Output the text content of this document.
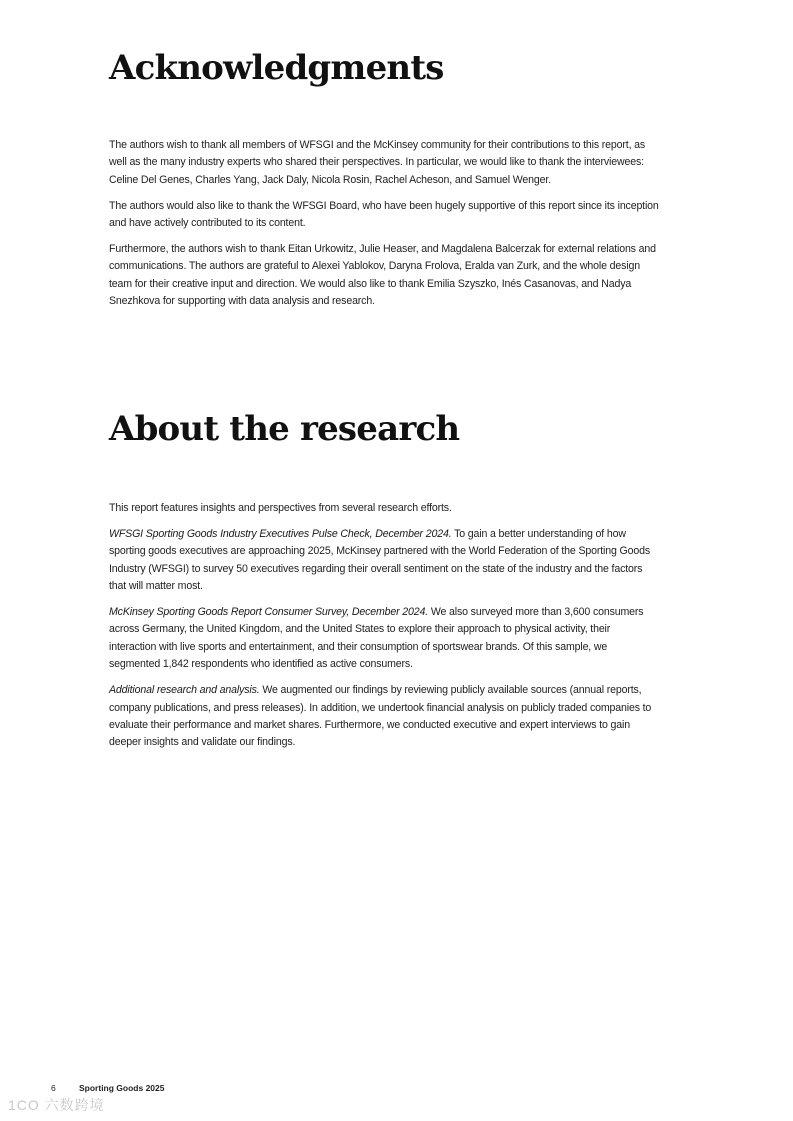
Acknowledgments

The authors wish to thank all members of WFSGI and the McKinsey community for their contributions to this report, as well as the many industry experts who shared their perspectives. In particular, we would like to thank the interviewees: Celine Del Genes, Charles Yang, Jack Daly, Nicola Rosin, Rachel Acheson, and Samuel Wenger.

The authors would also like to thank the WFSGI Board, who have been hugely supportive of this report since its inception and have actively contributed to its content.

Furthermore, the authors wish to thank Eitan Urkowitz, Julie Heaser, and Magdalena Balcerzak for external relations and communications. The authors are grateful to Alexei Yablokov, Daryna Frolova, Eralda van Zurk, and the whole design team for their creative input and direction. We would also like to thank Emilia Szyszko, Inés Casanovas, and Nadya Snezhkova for supporting with data analysis and research.

About the research

This report features insights and perspectives from several research efforts.

WFSGI Sporting Goods Industry Executives Pulse Check, December 2024. To gain a better understanding of how sporting goods executives are approaching 2025, McKinsey partnered with the World Federation of the Sporting Goods Industry (WFSGI) to survey 50 executives regarding their overall sentiment on the state of the industry and the factors that will matter most.

McKinsey Sporting Goods Report Consumer Survey, December 2024. We also surveyed more than 3,600 consumers across Germany, the United Kingdom, and the United States to explore their approach to physical activity, their interaction with live sports and entertainment, and their consumption of sportswear brands. Of this sample, we segmented 1,842 respondents who identified as active consumers.

Additional research and analysis. We augmented our findings by reviewing publicly available sources (annual reports, company publications, and press releases). In addition, we undertook financial analysis on publicly traded companies to evaluate their performance and market shares. Furthermore, we conducted executive and expert interviews to gain deeper insights and validate our findings.

6	Sporting Goods 2025
1CO 六数跨境
